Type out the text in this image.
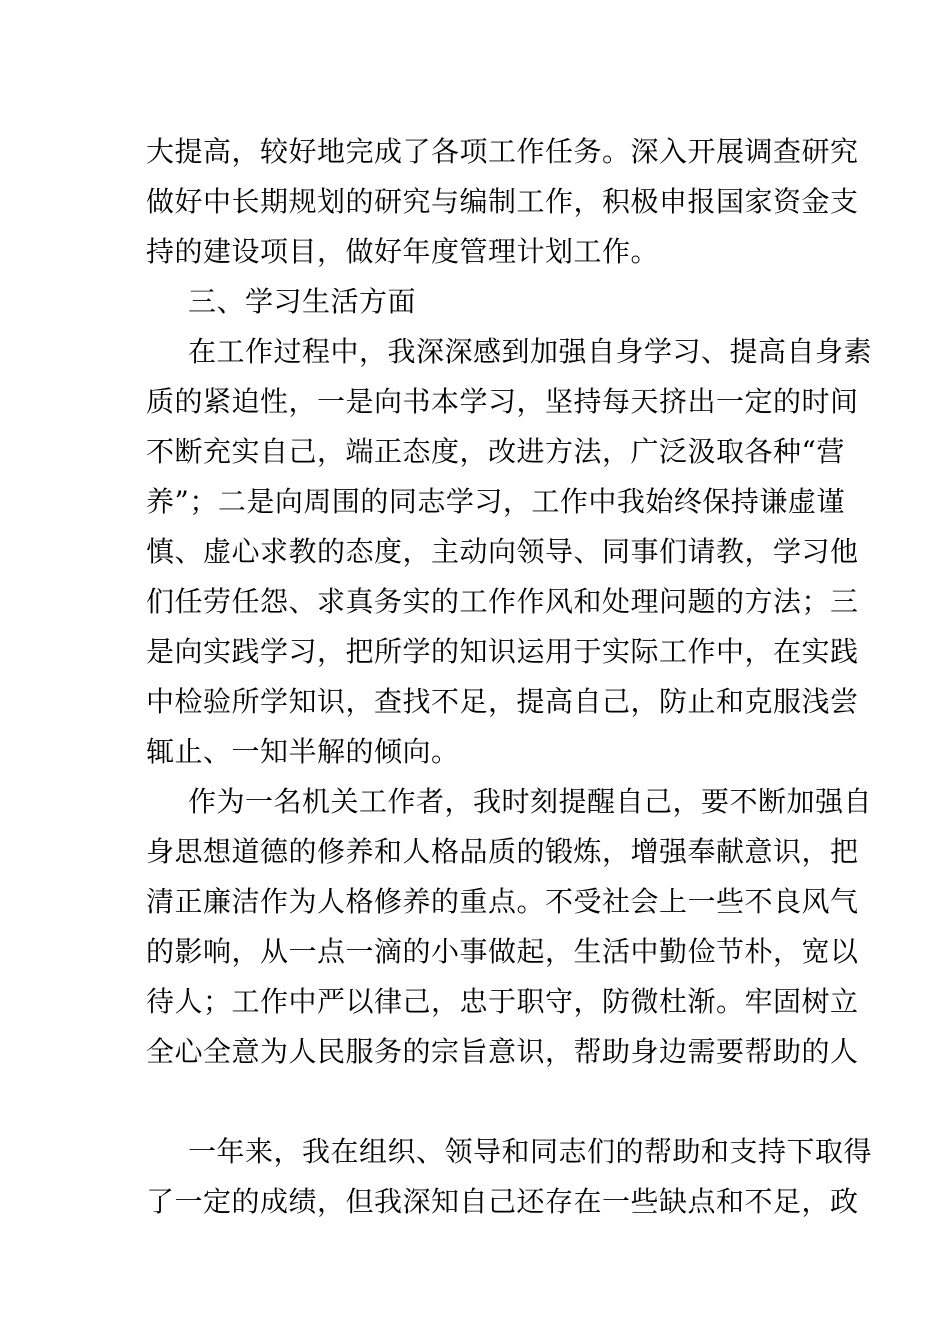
大提高，较好地完成了各项工作任务。深入开展调查研究
做好中长期规划的研究与编制工作，积极申报国家资金支
持的建设项目，做好年度管理计划工作。
三、学习生活方面
在工作过程中，我深深感到加强自身学习、提高自身素
质的紧迫性，一是向书本学习，坚持每天挤出一定的时间
不断充实自己，端正态度，改进方法，广泛汲取各种“营
养”；二是向周围的同志学习，工作中我始终保持谦虚谨
慎、虚心求教的态度，主动向领导、同事们请教，学习他
们任劳任怨、求真务实的工作作风和处理问题的方法；三
是向实践学习，把所学的知识运用于实际工作中，在实践
中检验所学知识，查找不足，提高自己，防止和克服浅尝
辄止、一知半解的倾向。
作为一名机关工作者，我时刻提醒自己，要不断加强自
身思想道德的修养和人格品质的锻炼，增强奉献意识，把
清正廉洁作为人格修养的重点。不受社会上一些不良风气
的影响，从一点一滴的小事做起，生活中勤俭节朴，宽以
待人；工作中严以律己，忠于职守，防微杜渐。牢固树立
全心全意为人民服务的宗旨意识，帮助身边需要帮助的人
一年来，我在组织、领导和同志们的帮助和支持下取得
了一定的成绩，但我深知自己还存在一些缺点和不足，政
